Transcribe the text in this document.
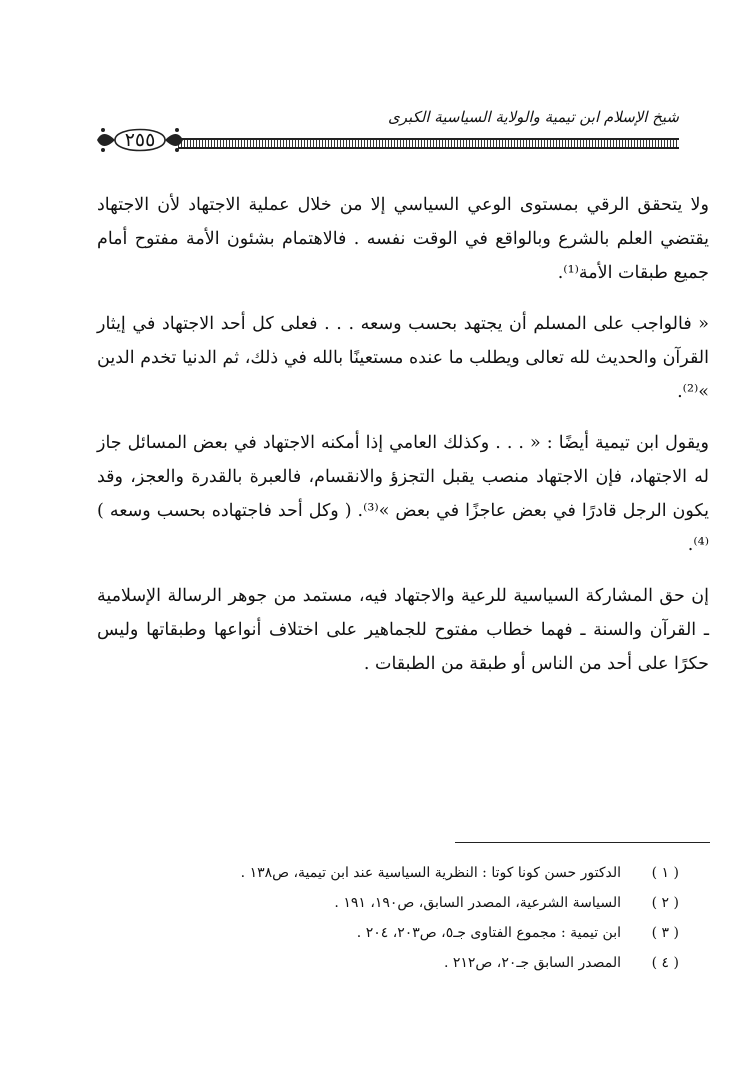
شيخ الإسلام ابن تيمية والولاية السياسية الكبرى
٢٥٥

ولا يتحقق الرقي بمستوى الوعي السياسي إلا من خلال عملية الاجتهاد لأن الاجتهاد يقتضي العلم بالشرع وبالواقع في الوقت نفسه . فالاهتمام بشئون الأمة مفتوح أمام جميع طبقات الأمة⁽¹⁾.

« فالواجب على المسلم أن يجتهد بحسب وسعه . . . فعلى كل أحد الاجتهاد في إيثار القرآن والحديث لله تعالى ويطلب ما عنده مستعينًا بالله في ذلك، ثم الدنيا تخدم الدين »⁽²⁾.

ويقول ابن تيمية أيضًا : « . . . وكذلك العامي إذا أمكنه الاجتهاد في بعض المسائل جاز له الاجتهاد، فإن الاجتهاد منصب يقبل التجزؤ والانقسام، فالعبرة بالقدرة والعجز، وقد يكون الرجل قادرًا في بعض عاجزًا في بعض »⁽³⁾. ( وكل أحد فاجتهاده بحسب وسعه )⁽⁴⁾.

إن حق المشاركة السياسية للرعية والاجتهاد فيه، مستمد من جوهر الرسالة الإسلامية ـ القرآن والسنة ـ فهما خطاب مفتوح للجماهير على اختلاف أنواعها وطبقاتها وليس حكرًا على أحد من الناس أو طبقة من الطبقات .

( ١ )
الدكتور حسن كونا كوتا : النظرية السياسية عند ابن تيمية، ص١٣٨ .
( ٢ )
السياسة الشرعية، المصدر السابق، ص١٩٠، ١٩١ .
( ٣ )
ابن تيمية : مجموع الفتاوى جـ٥، ص٢٠٣، ٢٠٤ .
( ٤ )
المصدر السابق جـ٢٠، ص٢١٢ .
